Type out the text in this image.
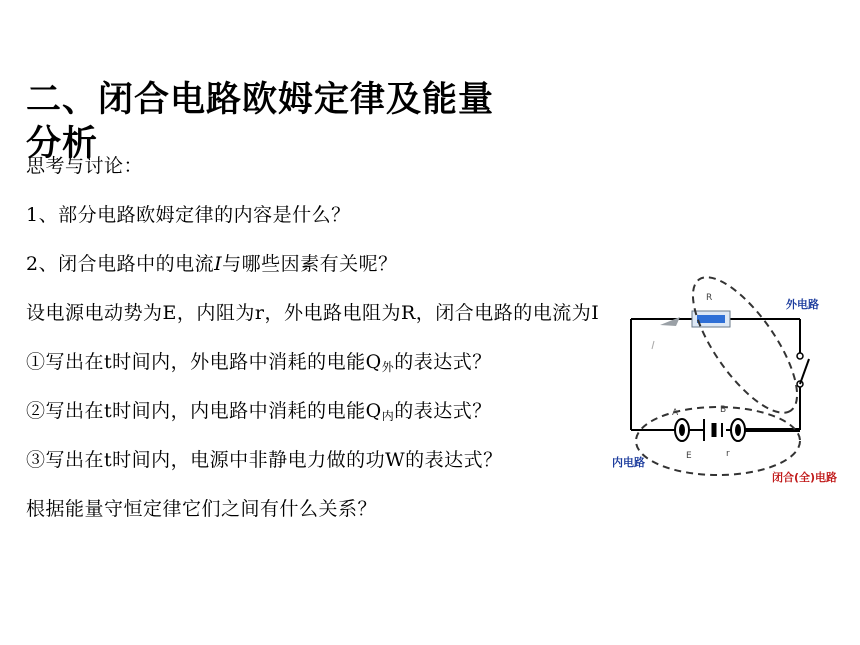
二、闭合电路欧姆定律及能量分析
思考与讨论：
1、部分电路欧姆定律的内容是什么？
2、闭合电路中的电流I与哪些因素有关呢？
设电源电动势为E，内阻为r，外电路电阻为R，闭合电路的电流为I
①写出在t时间内，外电路中消耗的电能$Q_外$的表达式？
②写出在t时间内，内电路中消耗的电能$Q_内$的表达式？
③写出在t时间内，电源中非静电力做的功W的表达式？
根据能量守恒定律它们之间有什么关系？
R	外电路
A	B
E	r
内电路
闭合(全)电路
